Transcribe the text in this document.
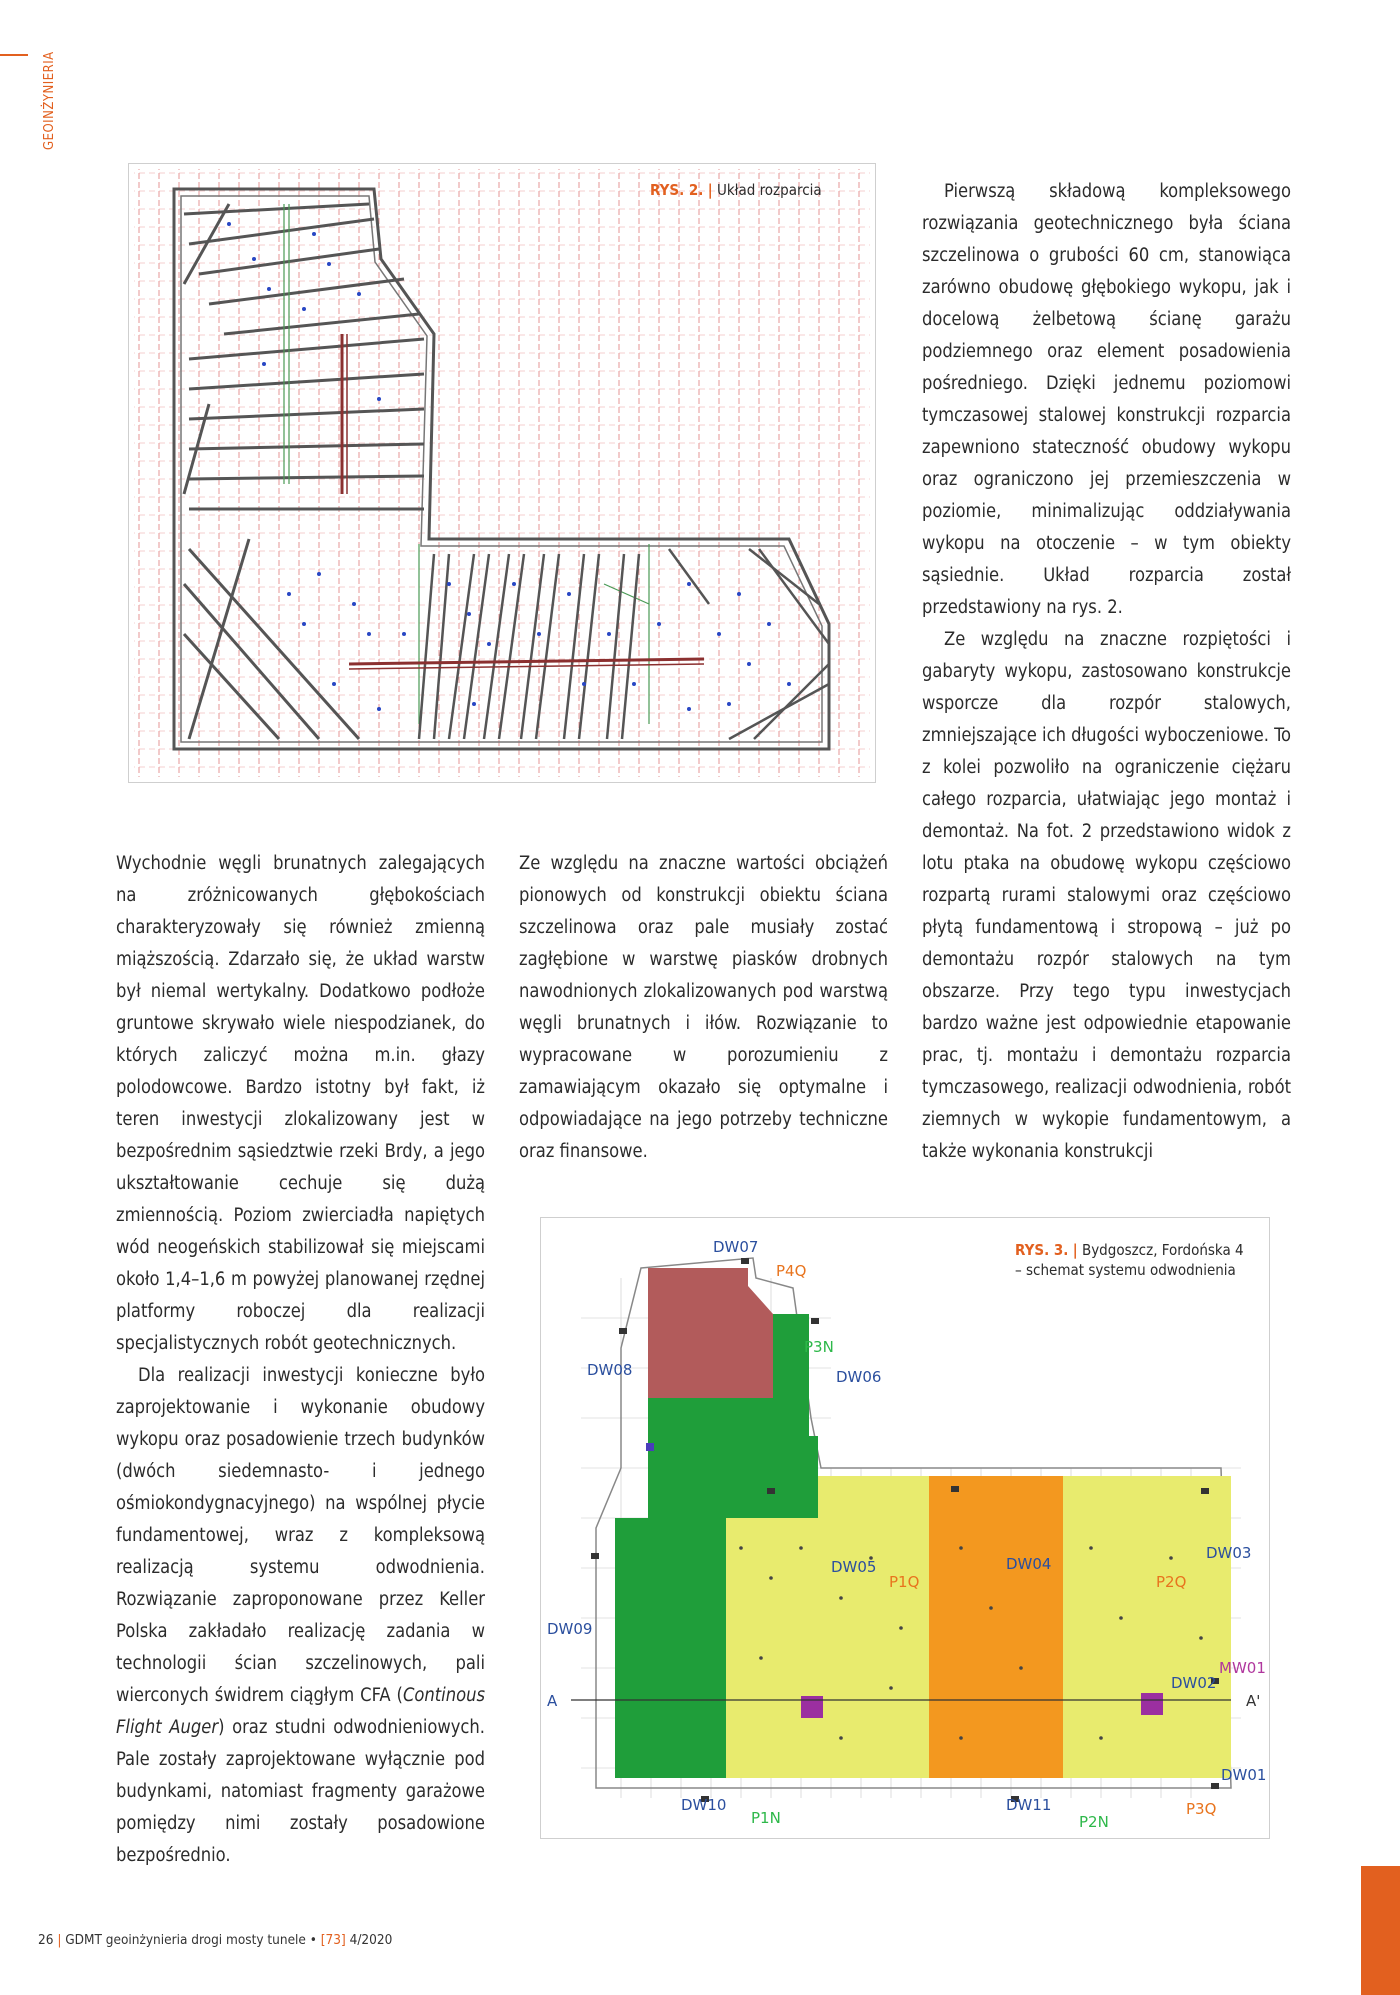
GEOINŻYNIERIA
RYS. 2. | Układ rozparcia	Pierwszą składową kompleksowego rozwiązania geotechnicznego była ściana szczelinowa o grubości 60 cm, stanowiąca zarówno obudowę głębokiego wykopu, jak i docelową żelbetową ścianę garażu podziemnego oraz element posadowienia pośredniego. Dzięki jednemu poziomowi tymczasowej stalowej konstrukcji rozparcia zapewniono stateczność obudowy wykopu oraz ograniczono jej przemieszczenia w poziomie, minimalizując oddziaływania wykopu na otoczenie – w tym obiekty sąsiednie. Układ rozparcia został przedstawiony na rys. 2.

Ze względu na znaczne rozpiętości i gabaryty wykopu, zastosowano konstrukcje wsporcze dla rozpór stalowych, zmniejszające ich długości wyboczeniowe. To z kolei pozwoliło na ograniczenie ciężaru całego rozparcia, ułatwiając jego montaż i demontaż. Na fot. 2 przedstawiono widok z lotu ptaka na obudowę wykopu częściowo rozpartą rurami stalowymi oraz częściowo płytą fundamentową i stropową – już po demontażu rozpór stalowych na tym obszarze. Przy tego typu inwestycjach bardzo ważne jest odpowiednie etapowanie prac, tj. montażu i demontażu rozparcia tymczasowego, realizacji odwodnienia, robót ziemnych w wykopie fundamentowym, a także wykonania konstrukcji

Wychodnie węgli brunatnych zalegających na zróżnicowanych głębokościach charakteryzowały się również zmienną miąższością. Zdarzało się, że układ warstw był niemal wertykalny. Dodatkowo podłoże gruntowe skrywało wiele niespodzianek, do których zaliczyć można m.in. głazy polodowcowe. Bardzo istotny był fakt, iż teren inwestycji zlokalizowany jest w bezpośrednim sąsiedztwie rzeki Brdy, a jego ukształtowanie cechuje się dużą zmiennością. Poziom zwierciadła napiętych wód neogeńskich stabilizował się miejscami około 1,4–1,6 m powyżej planowanej rzędnej platformy roboczej dla realizacji specjalistycznych robót geotechnicznych.

Dla realizacji inwestycji konieczne było zaprojektowanie i wykonanie obudowy wykopu oraz posadowienie trzech budynków (dwóch siedemnasto- i jednego ośmiokondygnacyjnego) na wspólnej płycie fundamentowej, wraz z kompleksową realizacją systemu odwodnienia. Rozwiązanie zaproponowane przez Keller Polska zakładało realizację zadania w technologii ścian szczelinowych, pali wierconych świdrem ciągłym CFA (Continous Flight Auger) oraz studni odwodnieniowych. Pale zostały zaprojektowane wyłącznie pod budynkami, natomiast fragmenty garażowe pomiędzy nimi zostały posadowione bezpośrednio.

Ze względu na znaczne wartości obciążeń pionowych od konstrukcji obiektu ściana szczelinowa oraz pale musiały zostać zagłębione w warstwę piasków drobnych nawodnionych zlokalizowanych pod warstwą węgli brunatnych i iłów. Rozwiązanie to wypracowane w porozumieniu z zamawiającym okazało się optymalne i odpowiadające na jego potrzeby techniczne oraz finansowe.

DW07
P4Q
P3N
DW08	DW06
DW05
P1Q
DW04
P2Q
DW03
DW09
A
MW01
DW02
A'
DW01
DW10
P1N
DW11
P2N
P3Q
RYS. 3. | Bydgoszcz, Fordońska 4
– schemat systemu odwodnienia
26 | GDMT geoinżynieria drogi mosty tunele • [73] 4/2020
